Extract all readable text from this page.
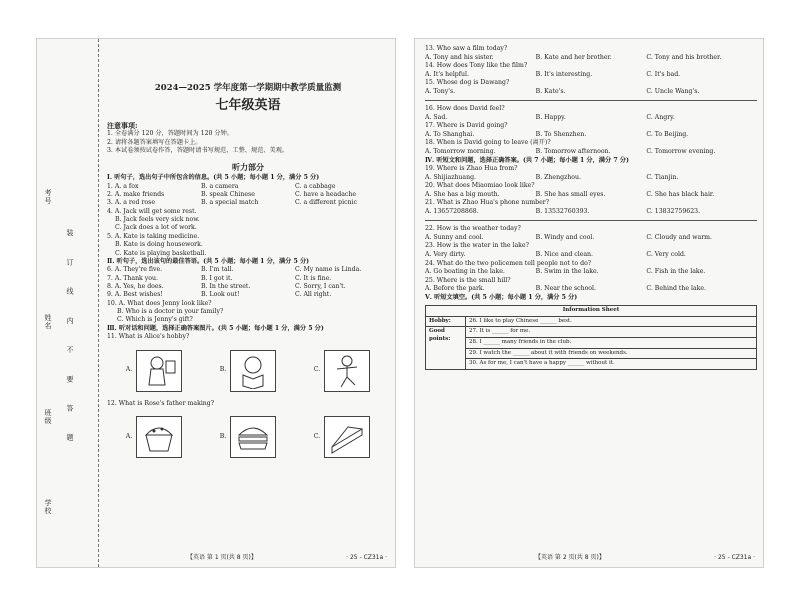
考号
姓名
班级
学校
装 订 线 内 不 要 答 题
2024—2025 学年度第一学期期中教学质量监测
七年级英语
注意事项:
1. 全卷满分 120 分，答题时间为 120 分钟。
2. 请将各题答案填写在答题卡上。
3. 本试卷须按试卷作答，答题时请书写规范、工整、规范、美观。
听力部分
Ⅰ. 听句子，选出句子中所包含的信息。(共 5 小题；每小题 1 分，满分 5 分)
1. A. a fox	B. a camera	C. a cabbage
2. A. make friends	B. speak Chinese	C. have a headache
3. A. a red rose	B. a special match	C. a different picnic
4. A. Jack will get some rest.
B. Jack feels very sick now.
C. Jack does a lot of work.
5. A. Kate is taking medicine.
B. Kate is doing housework.
C. Kate is playing basketball.
Ⅱ. 听句子，选出该句的最佳答语。(共 5 小题；每小题 1 分，满分 5 分)
6. A. They're five.	B. I'm tall.	C. My name is Linda.
7. A. Thank you.	B. I got it.	C. It is fine.
8. A. Yes, he does.	B. In the street.	C. Sorry, I can't.
9. A. Best wishes!	B. Look out!	C. All right.
10. A. What does Jenny look like?
B. Who is a doctor in your family?
C. Which is Jenny's gift?
Ⅲ. 听对话和问题，选择正确答案图片。(共 5 小题；每小题 1 分，满分 5 分)
11. What is Alice's hobby?
A.	B.	C.
12. What is Rose's father making?
A.	B.	C.
【英语 第 1 页(共 8 页)】	· 25 - CZ31a ·
13. Who saw a film today?
A. Tony and his sister.	B. Kate and her brother.	C. Tony and his brother.
14. How does Tony like the film?
A. It's helpful.	B. It's interesting.	C. It's bad.
15. Whose dog is Dawang?
A. Tony's.	B. Kate's.	C. Uncle Wang's.
16. How does David feel?
A. Sad.	B. Happy.	C. Angry.
17. Where is David going?
A. To Shanghai.	B. To Shenzhen.	C. To Beijing.
18. When is David going to leave (离开)?
A. Tomorrow morning.	B. Tomorrow afternoon.	C. Tomorrow evening.
Ⅳ. 听短文和问题，选择正确答案。(共 7 小题；每小题 1 分，满分 7 分)
19. Where is Zhao Hua from?
A. Shijiazhuang.	B. Zhengzhou.	C. Tianjin.
20. What does Miaomiao look like?
A. She has a big mouth.	B. She has small eyes.	C. She has black hair.
21. What is Zhao Hua's phone number?
A. 13657208868.	B. 13532760393.	C. 13832759623.
22. How is the weather today?
A. Sunny and cool.	B. Windy and cool.	C. Cloudy and warm.
23. How is the water in the lake?
A. Very dirty.	B. Nice and clean.	C. Very cold.
24. What do the two policemen tell people not to do?
A. Go boating in the lake.	B. Swim in the lake.	C. Fish in the lake.
25. Where is the small hill?
A. Before the park.	B. Near the school.	C. Behind the lake.
Ⅴ. 听短文填空。(共 5 小题；每小题 1 分，满分 5 分)
Information Sheet	
Hobby:	26. I like to play Chinese ______ best.
Good points:	27. It is ______ for me.
	28. I ______ many friends in the club.
	29. I watch the ______ about it with friends on weekends.
	30. As for me, I can't have a happy ______ without it.
【英语 第 2 页(共 8 页)】	· 25 - CZ31a ·
